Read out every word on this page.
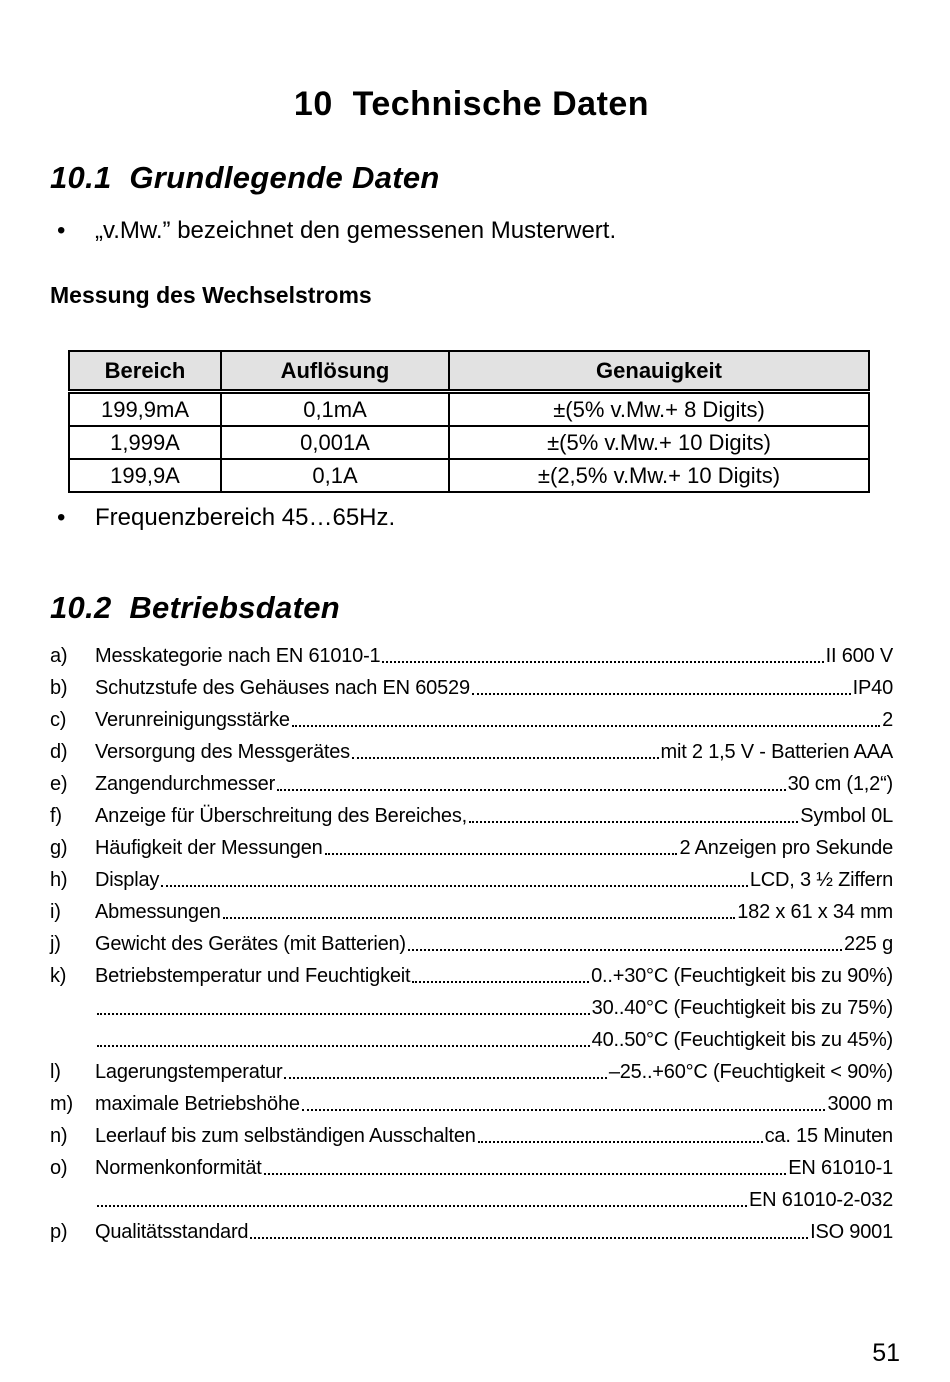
10  Technische Daten
10.1  Grundlegende Daten
•	„v.Mw.” bezeichnet den gemessenen Musterwert.
Messung des Wechselstroms
Bereich	Auflösung	Genauigkeit
199,9mA	0,1mA	±(5% v.Mw.+ 8 Digits)
1,999A	0,001A	±(5% v.Mw.+ 10 Digits)
199,9A	0,1A	±(2,5% v.Mw.+ 10 Digits)
•	Frequenzbereich 45…65Hz.
10.2  Betriebsdaten
a)	Messkategorie nach EN 61010-1	II 600 V
b)	Schutzstufe des Gehäuses nach EN 60529	IP40
c)	Verunreinigungsstärke	2
d)	Versorgung des Messgerätes	mit 2 1,5 V - Batterien AAA
e)	Zangendurchmesser	30 cm (1,2“)
f)	Anzeige für Überschreitung des Bereiches,	Symbol 0L
g)	Häufigkeit der Messungen	2 Anzeigen pro Sekunde
h)	Display	LCD, 3 ½ Ziffern
i)	Abmessungen	182 x 61 x 34 mm
j)	Gewicht des Gerätes (mit Batterien)	225 g
k)	Betriebstemperatur und Feuchtigkeit	0..+30°C (Feuchtigkeit bis zu 90%)
30..40°C (Feuchtigkeit bis zu 75%)
40..50°C (Feuchtigkeit bis zu 45%)
l)	Lagerungstemperatur	–25..+60°C (Feuchtigkeit < 90%)
m)	maximale Betriebshöhe	3000 m
n)	Leerlauf bis zum selbständigen Ausschalten	ca. 15 Minuten
o)	Normenkonformität	EN 61010-1
EN 61010-2-032
p)	Qualitätsstandard	ISO 9001
51
